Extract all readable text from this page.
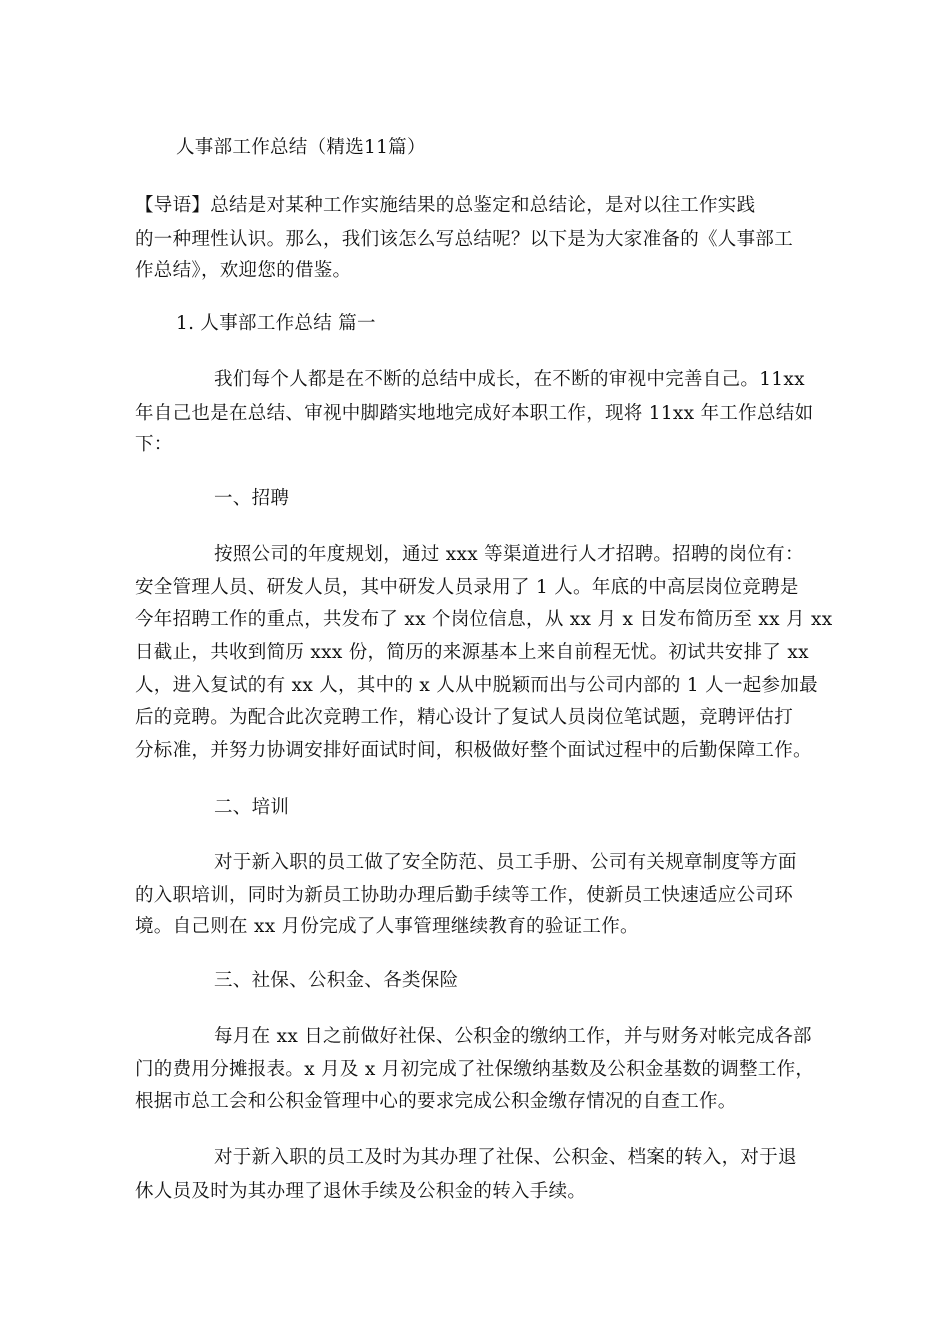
人事部工作总结（精选11篇）
【导语】总结是对某种工作实施结果的总鉴定和总结论，是对以往工作实践
的一种理性认识。那么，我们该怎么写总结呢？以下是为大家准备的《人事部工
作总结》，欢迎您的借鉴。
1. 人事部工作总结 篇一
我们每个人都是在不断的总结中成长，在不断的审视中完善自己。11xx
年自己也是在总结、审视中脚踏实地地完成好本职工作，现将 11xx 年工作总结如
下：
一、招聘
按照公司的年度规划，通过 xxx 等渠道进行人才招聘。招聘的岗位有：
安全管理人员、研发人员，其中研发人员录用了 1 人。年底的中高层岗位竞聘是
今年招聘工作的重点，共发布了 xx 个岗位信息，从 xx 月 x 日发布简历至 xx 月 xx
日截止，共收到简历 xxx 份，简历的来源基本上来自前程无忧。初试共安排了 xx
人，进入复试的有 xx 人，其中的 x 人从中脱颖而出与公司内部的 1 人一起参加最
后的竞聘。为配合此次竞聘工作，精心设计了复试人员岗位笔试题，竞聘评估打
分标准，并努力协调安排好面试时间，积极做好整个面试过程中的后勤保障工作。
二、培训
对于新入职的员工做了安全防范、员工手册、公司有关规章制度等方面
的入职培训，同时为新员工协助办理后勤手续等工作，使新员工快速适应公司环
境。自己则在 xx 月份完成了人事管理继续教育的验证工作。
三、社保、公积金、各类保险
每月在 xx 日之前做好社保、公积金的缴纳工作，并与财务对帐完成各部
门的费用分摊报表。x 月及 x 月初完成了社保缴纳基数及公积金基数的调整工作，
根据市总工会和公积金管理中心的要求完成公积金缴存情况的自查工作。
对于新入职的员工及时为其办理了社保、公积金、档案的转入，对于退
休人员及时为其办理了退休手续及公积金的转入手续。
